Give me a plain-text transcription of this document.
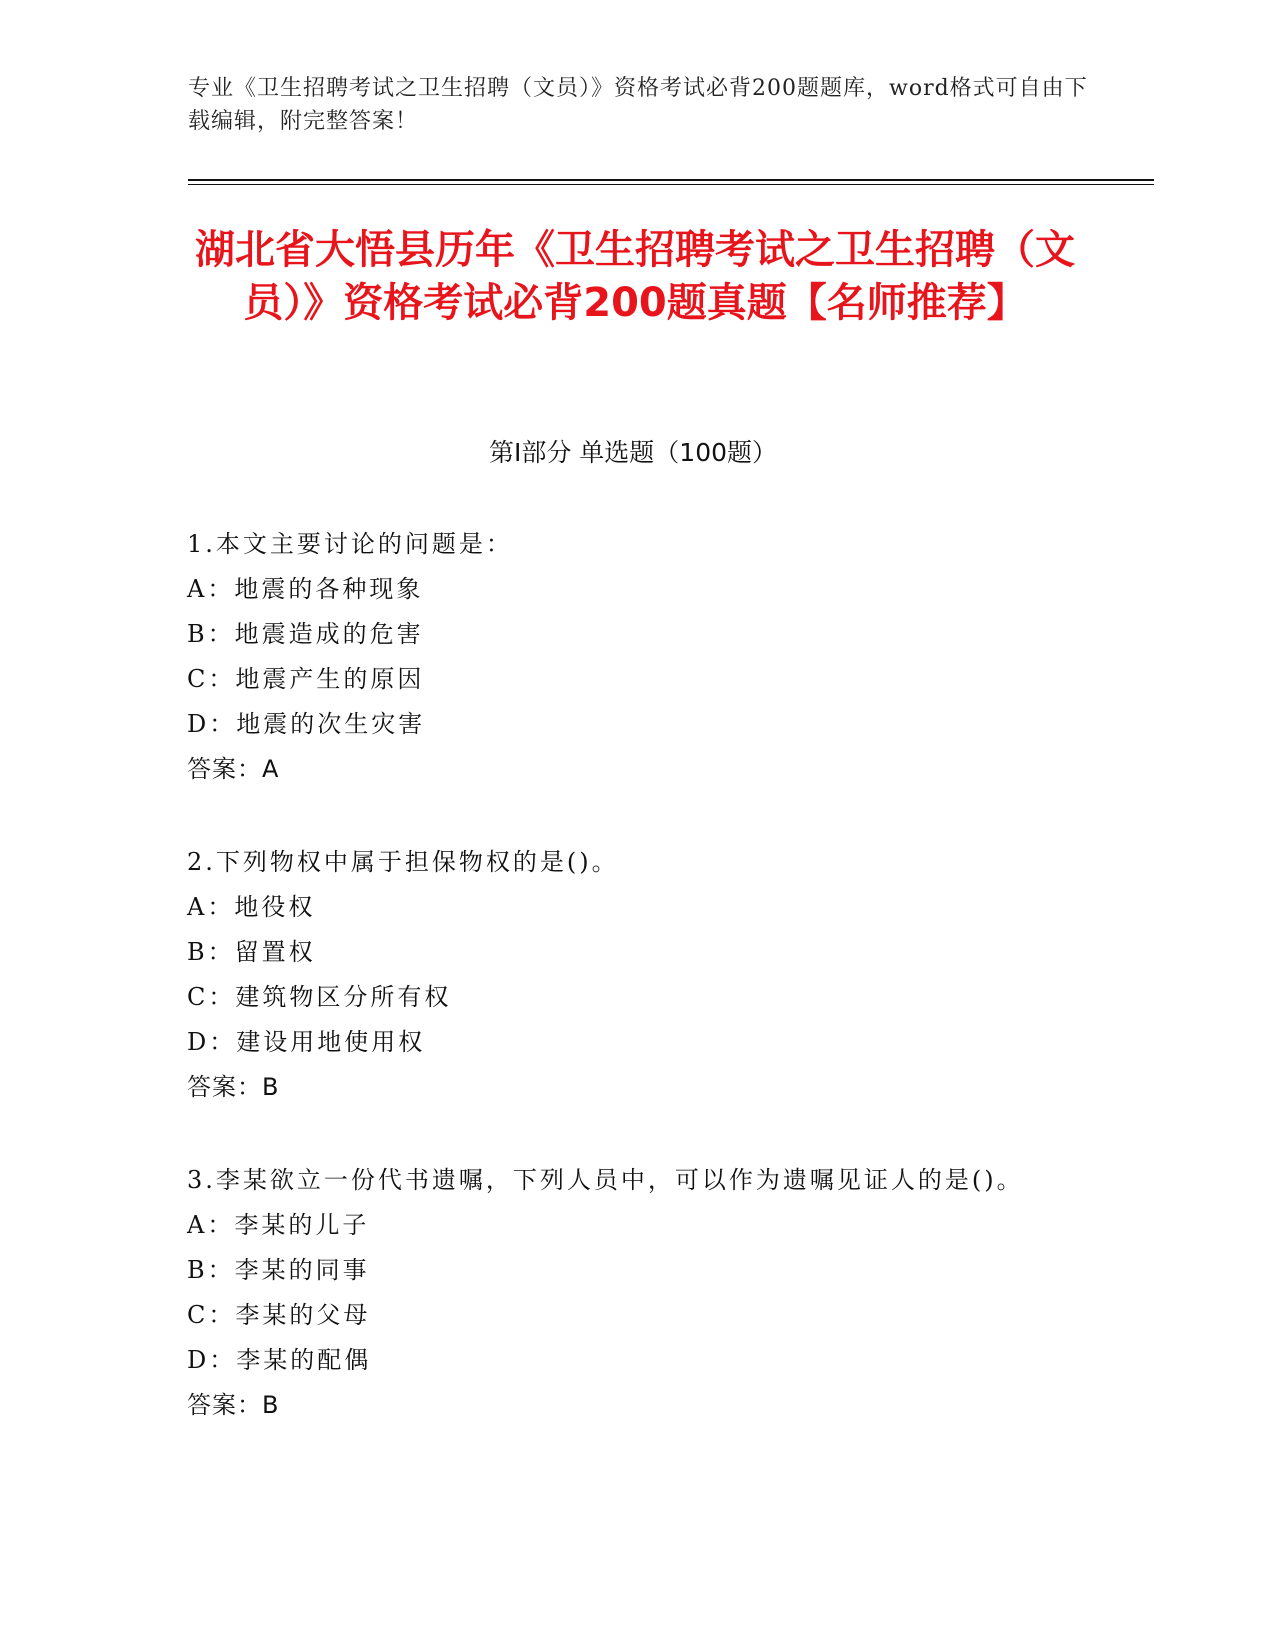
专业《卫生招聘考试之卫生招聘（文员）》资格考试必背200题题库，word格式可自由下载编辑，附完整答案！
湖北省大悟县历年《卫生招聘考试之卫生招聘（文员）》资格考试必背200题真题【名师推荐】
第I部分 单选题（100题）
1.本文主要讨论的问题是：
A：地震的各种现象
B：地震造成的危害
C：地震产生的原因
D：地震的次生灾害
答案：A
2.下列物权中属于担保物权的是()。
A：地役权
B：留置权
C：建筑物区分所有权
D：建设用地使用权
答案：B
3.李某欲立一份代书遗嘱，下列人员中，可以作为遗嘱见证人的是()。
A：李某的儿子
B：李某的同事
C：李某的父母
D：李某的配偶
答案：B
